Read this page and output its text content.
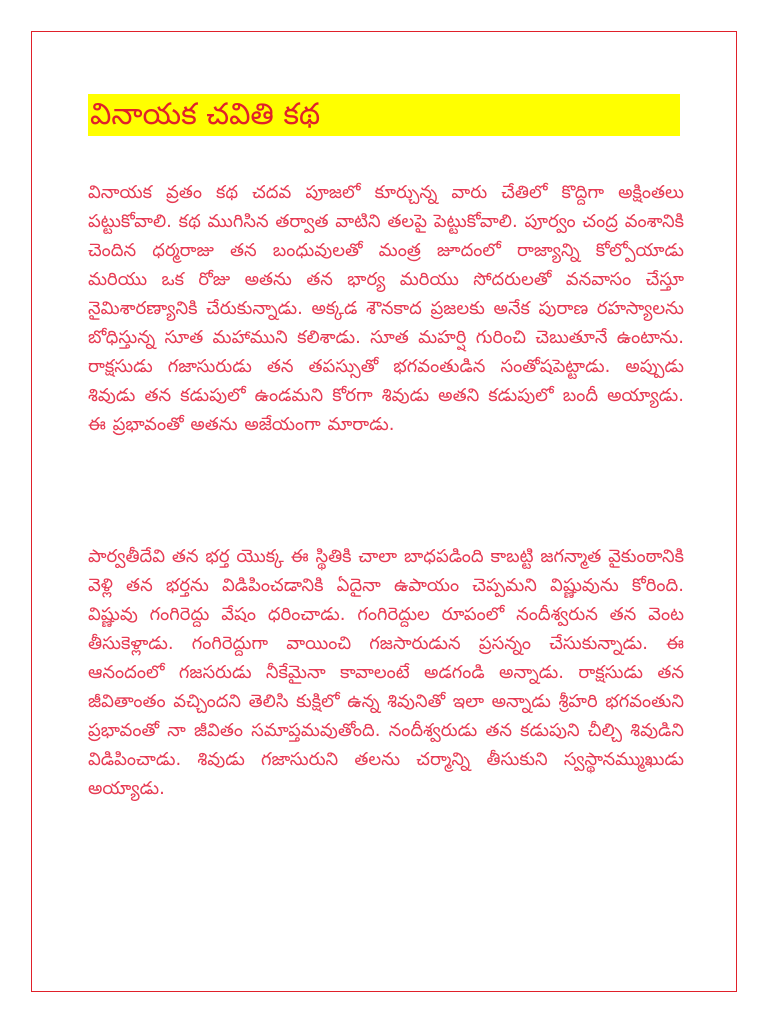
వినాయక చవితి కథ

వినాయక వ్రతం కథ చదవ పూజలో కూర్చున్న వారు చేతిలో కొద్దిగా అక్షింతలు పట్టుకోవాలి. కథ ముగిసిన తర్వాత వాటిని తలపై పెట్టుకోవాలి. పూర్వం చంద్ర వంశానికి చెందిన ధర్మరాజు తన బంధువులతో మంత్ర జూదంలో రాజ్యాన్ని కోల్పోయాడు మరియు ఒక రోజు అతను తన భార్య మరియు సోదరులతో వనవాసం చేస్తూ నైమిశారణ్యానికి చేరుకున్నాడు. అక్కడ శౌనకాద ప్రజలకు అనేక పురాణ రహస్యాలను బోధిస్తున్న సూత మహాముని కలిశాడు. సూత మహర్షి గురించి చెబుతూనే ఉంటాను. రాక్షసుడు గజాసురుడు తన తపస్సుతో భగవంతుడిన సంతోషపెట్టాడు. అప్పుడు శివుడు తన కడుపులో ఉండమని కోరగా శివుడు అతని కడుపులో బందీ అయ్యాడు. ఈ ప్రభావంతో అతను అజేయంగా మారాడు.

పార్వతీదేవి తన భర్త యొక్క ఈ స్థితికి చాలా బాధపడింది కాబట్టి జగన్మాత వైకుంఠానికి వెళ్లి తన భర్తను విడిపించడానికి ఏదైనా ఉపాయం చెప్పమని విష్ణువును కోరింది. విష్ణువు గంగిరెద్దు వేషం ధరించాడు. గంగిరెద్దుల రూపంలో నందీశ్వరున తన వెంట తీసుకెళ్లాడు. గంగిరెద్దుగా వాయించి గజసారుడున ప్రసన్నం చేసుకున్నాడు. ఈ ఆనందంలో గజసరుడు నీకేమైనా కావాలంటే అడగండి అన్నాడు. రాక్షసుడు తన జీవితాంతం వచ్చిందని తెలిసి కుక్షిలో ఉన్న శివునితో ఇలా అన్నాడు శ్రీహరి భగవంతుని ప్రభావంతో నా జీవితం సమాప్తమవుతోంది. నందీశ్వరుడు తన కడుపుని చీల్చి శివుడిని విడిపించాడు. శివుడు గజాసురుని తలను చర్మాన్ని తీసుకుని స్వస్థానమ్ముఖుడు అయ్యాడు.
